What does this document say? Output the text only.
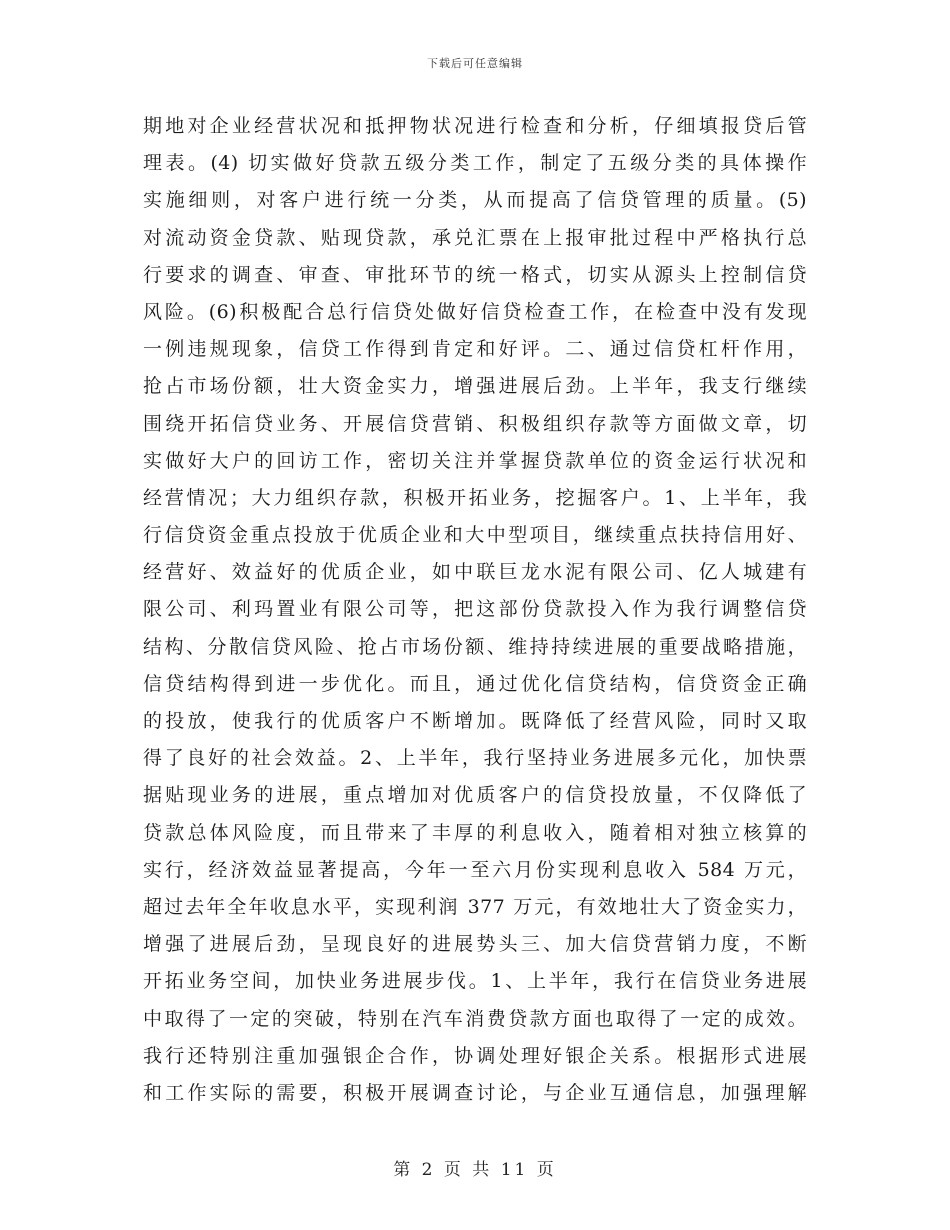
下载后可任意编辑
期地对企业经营状况和抵押物状况进行检查和分析，仔细填报贷后管
理表。(4) 切实做好贷款五级分类工作，制定了五级分类的具体操作
实施细则，对客户进行统一分类，从而提高了信贷管理的质量。(5)
对流动资金贷款、贴现贷款，承兑汇票在上报审批过程中严格执行总
行要求的调查、审查、审批环节的统一格式，切实从源头上控制信贷
风险。(6)积极配合总行信贷处做好信贷检查工作，在检查中没有发现
一例违规现象，信贷工作得到肯定和好评。二、通过信贷杠杆作用，
抢占市场份额，壮大资金实力，增强进展后劲。上半年，我支行继续
围绕开拓信贷业务、开展信贷营销、积极组织存款等方面做文章，切
实做好大户的回访工作，密切关注并掌握贷款单位的资金运行状况和
经营情况；大力组织存款，积极开拓业务，挖掘客户。1、上半年，我
行信贷资金重点投放于优质企业和大中型项目，继续重点扶持信用好、
经营好、效益好的优质企业，如中联巨龙水泥有限公司、亿人城建有
限公司、利玛置业有限公司等，把这部份贷款投入作为我行调整信贷
结构、分散信贷风险、抢占市场份额、维持持续进展的重要战略措施，
信贷结构得到进一步优化。而且，通过优化信贷结构，信贷资金正确
的投放，使我行的优质客户不断增加。既降低了经营风险，同时又取
得了良好的社会效益。2、上半年，我行坚持业务进展多元化，加快票
据贴现业务的进展，重点增加对优质客户的信贷投放量，不仅降低了
贷款总体风险度，而且带来了丰厚的利息收入，随着相对独立核算的
实行，经济效益显著提高，今年一至六月份实现利息收入 584 万元，
超过去年全年收息水平，实现利润 377 万元，有效地壮大了资金实力，
增强了进展后劲，呈现良好的进展势头三、加大信贷营销力度，不断
开拓业务空间，加快业务进展步伐。1、上半年，我行在信贷业务进展
中取得了一定的突破，特别在汽车消费贷款方面也取得了一定的成效。
我行还特别注重加强银企合作，协调处理好银企关系。根据形式进展
和工作实际的需要，积极开展调查讨论，与企业互通信息，加强理解
第 2 页 共 11 页
